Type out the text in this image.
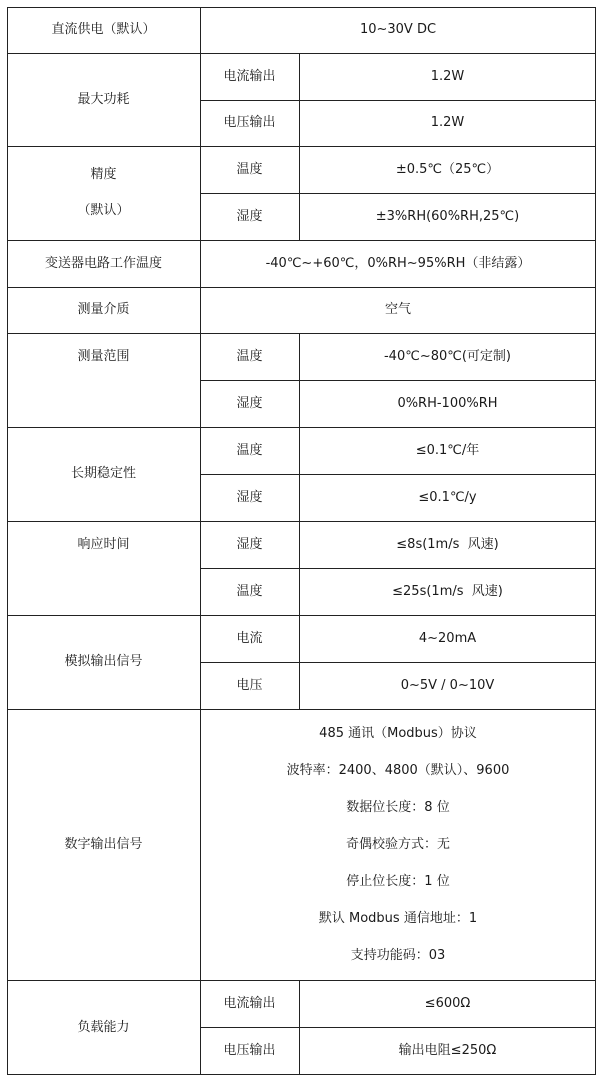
直流供电（默认）	10~30V DC
最大功耗
电流输出	1.2W
电压输出	1.2W
精度
（默认）
温度	±0.5℃（25℃）
湿度	±3%RH(60%RH,25℃)
变送器电路工作温度	-40℃~+60℃，0%RH~95%RH（非结露）
测量介质	空气
测量范围	温度	-40℃~80℃(可定制)
湿度	0%RH-100%RH
长期稳定性
温度	≤0.1℃/年
湿度	≤0.1℃/y
响应时间	湿度	≤8s(1m/s  风速)
温度	≤25s(1m/s  风速)
模拟输出信号
电流	4~20mA
电压	0~5V / 0~10V
数字输出信号
485 通讯（Modbus）协议
波特率：2400、4800（默认）、9600
数据位长度：8 位
奇偶校验方式：无
停止位长度：1 位
默认 Modbus 通信地址：1
支持功能码：03
负载能力
电流输出	≤600Ω
电压输出	输出电阻≤250Ω
